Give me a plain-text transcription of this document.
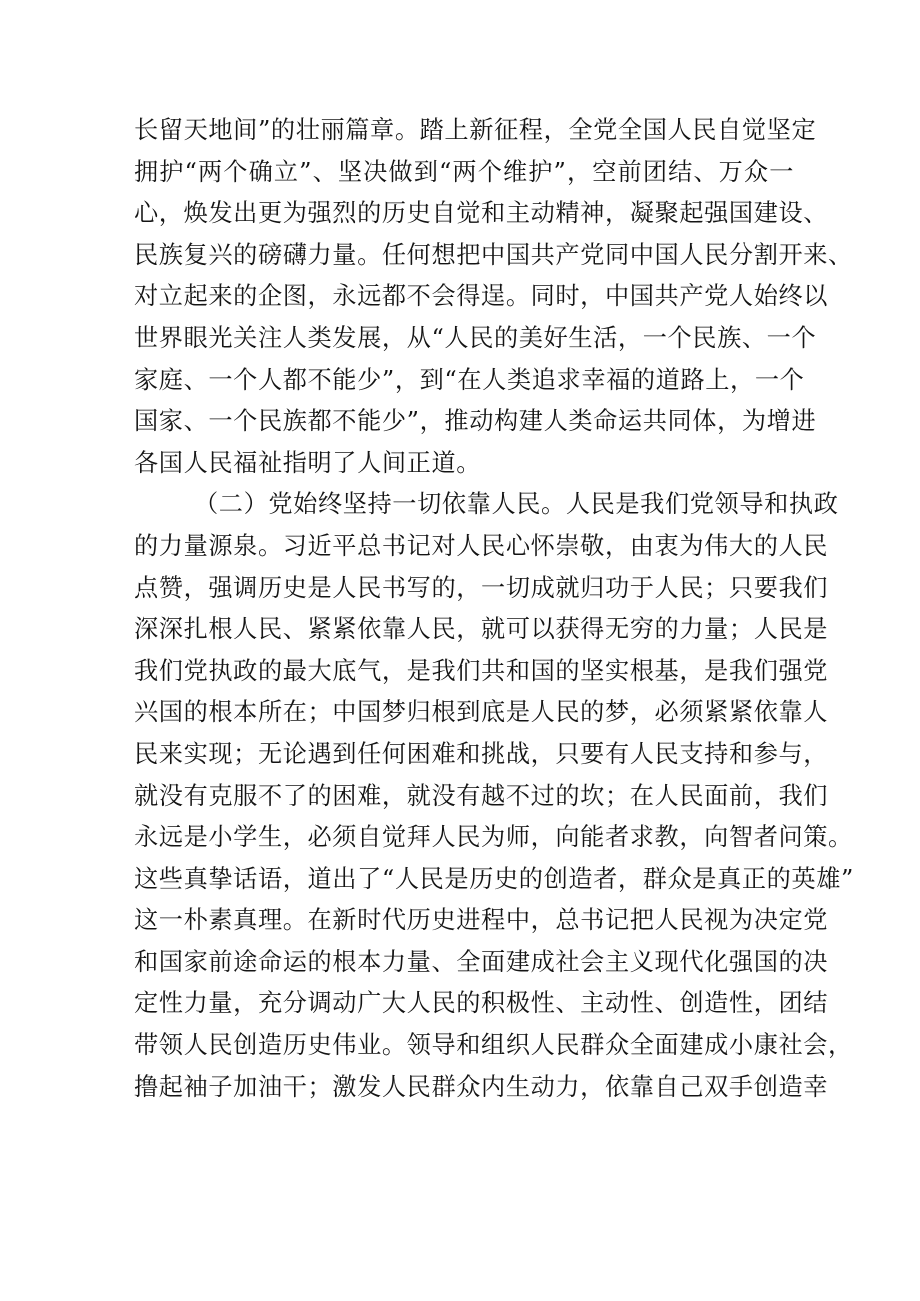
长留天地间”的壮丽篇章。踏上新征程，全党全国人民自觉坚定
拥护“两个确立”、坚决做到“两个维护”，空前团结、万众一
心，焕发出更为强烈的历史自觉和主动精神，凝聚起强国建设、
民族复兴的磅礴力量。任何想把中国共产党同中国人民分割开来、
对立起来的企图，永远都不会得逞。同时，中国共产党人始终以
世界眼光关注人类发展，从“人民的美好生活，一个民族、一个
家庭、一个人都不能少”，到“在人类追求幸福的道路上，一个
国家、一个民族都不能少”，推动构建人类命运共同体，为增进
各国人民福祉指明了人间正道。
（二）党始终坚持一切依靠人民。人民是我们党领导和执政
的力量源泉。习近平总书记对人民心怀崇敬，由衷为伟大的人民
点赞，强调历史是人民书写的，一切成就归功于人民；只要我们
深深扎根人民、紧紧依靠人民，就可以获得无穷的力量；人民是
我们党执政的最大底气，是我们共和国的坚实根基，是我们强党
兴国的根本所在；中国梦归根到底是人民的梦，必须紧紧依靠人
民来实现；无论遇到任何困难和挑战，只要有人民支持和参与，
就没有克服不了的困难，就没有越不过的坎；在人民面前，我们
永远是小学生，必须自觉拜人民为师，向能者求教，向智者问策。
这些真挚话语，道出了“人民是历史的创造者，群众是真正的英雄”
这一朴素真理。在新时代历史进程中，总书记把人民视为决定党
和国家前途命运的根本力量、全面建成社会主义现代化强国的决
定性力量，充分调动广大人民的积极性、主动性、创造性，团结
带领人民创造历史伟业。领导和组织人民群众全面建成小康社会，
撸起袖子加油干；激发人民群众内生动力，依靠自己双手创造幸
